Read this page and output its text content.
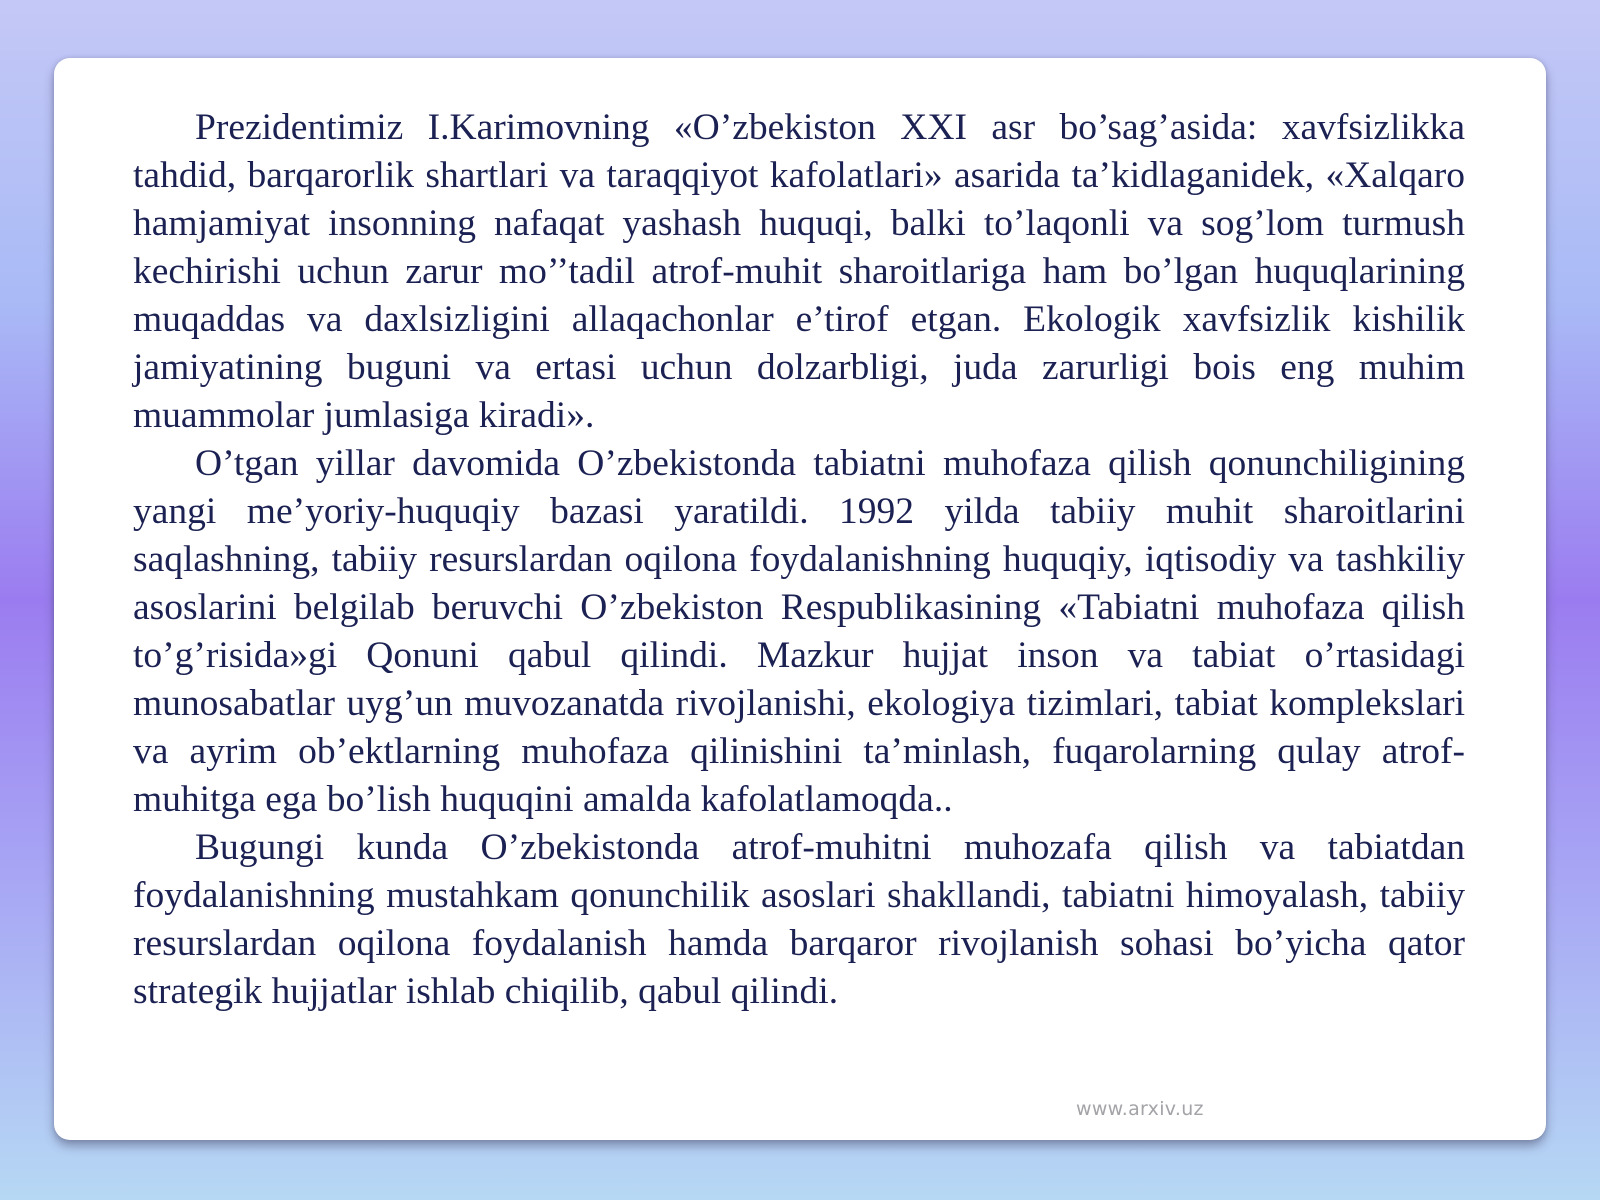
Prezidentimiz I.Karimovning «O’zbekiston XXI asr bo’sag’asida: xavfsizlikka tahdid, barqarorlik shartlari va taraqqiyot kafolatlari» asarida ta’kidlaganidek, «Xalqaro hamjamiyat insonning nafaqat yashash huquqi, balki to’laqonli va sog’lom turmush kechirishi uchun zarur mo’’tadil atrof-muhit sharoitlariga ham bo’lgan huquqlarining muqaddas va daxlsizligini allaqachonlar e’tirof etgan. Ekologik xavfsizlik kishilik jamiyatining buguni va ertasi uchun dolzarbligi, juda zarurligi bois eng muhim muammolar jumlasiga kiradi».

O’tgan yillar davomida O’zbekistonda tabiatni muhofaza qilish qonunchiligining yangi me’yoriy-huquqiy bazasi yaratildi. 1992 yilda tabiiy muhit sharoitlarini saqlashning, tabiiy resurslardan oqilona foydalanishning huquqiy, iqtisodiy va tashkiliy asoslarini belgilab beruvchi O’zbekiston Respublikasining «Tabiatni muhofaza qilish to’g’risida»gi Qonuni qabul qilindi. Mazkur hujjat inson va tabiat o’rtasidagi munosabatlar uyg’un muvozanatda rivojlanishi, ekologiya tizimlari, tabiat komplekslari va ayrim ob’ektlarning muhofaza qilinishini ta’minlash, fuqarolarning qulay atrof-muhitga ega bo’lish huquqini amalda kafolatlamoqda..

Bugungi kunda O’zbekistonda atrof-muhitni muhozafa qilish va tabiatdan foydalanishning mustahkam qonunchilik asoslari shakllandi, tabiatni himoyalash, tabiiy resurslardan oqilona foydalanish hamda barqaror rivojlanish sohasi bo’yicha qator strategik hujjatlar ishlab chiqilib, qabul qilindi.

www.arxiv.uz
